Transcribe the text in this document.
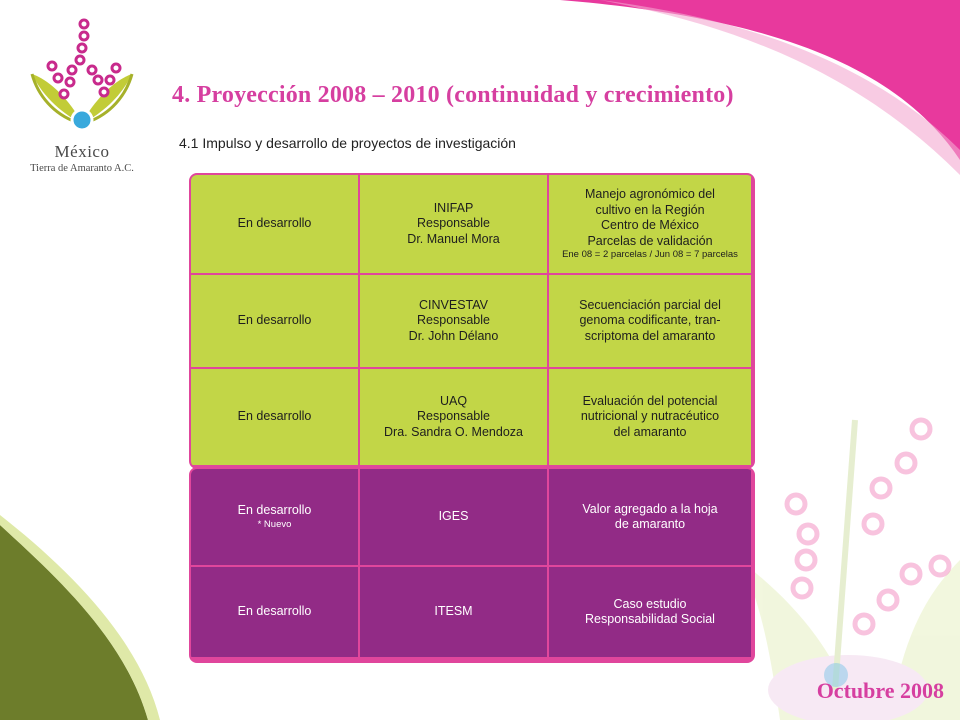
México
Tierra de Amaranto A.C.
4. Proyección 2008 – 2010 (continuidad y crecimiento)
4.1 Impulso y desarrollo de proyectos de investigación
En desarrollo
INIFAP
Responsable
Dr. Manuel Mora
Manejo agronómico del
cultivo en la Región
Centro de México
Parcelas de validación
Ene 08 = 2 parcelas / Jun 08 = 7 parcelas
En desarrollo
CINVESTAV
Responsable
Dr. John Délano
Secuenciación parcial del
genoma codificante, tran-
scriptoma del amaranto
En desarrollo
UAQ
Responsable
Dra. Sandra O. Mendoza
Evaluación del potencial
nutricional y nutracéutico
del amaranto
En desarrollo
* Nuevo
IGES
Valor agregado a la hoja
de amaranto
En desarrollo	ITESM
Caso estudio
Responsabilidad Social
Octubre 2008
